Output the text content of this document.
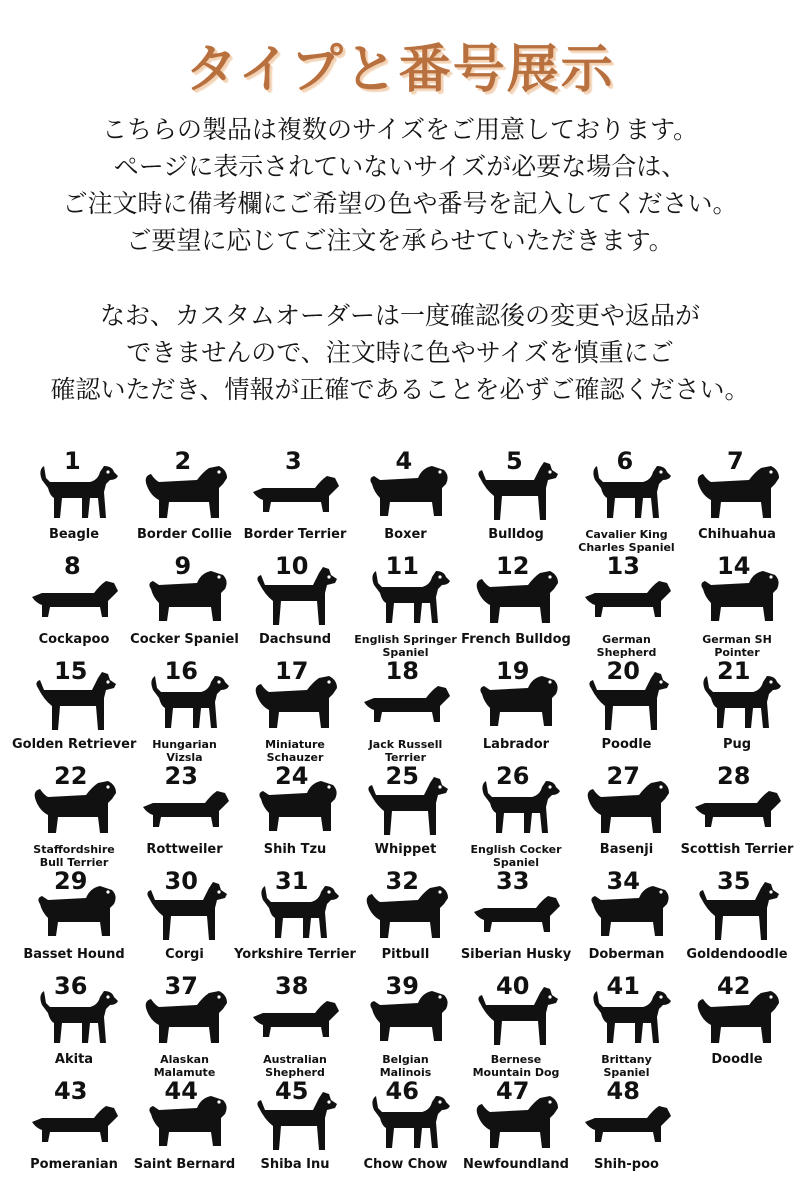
タイプと番号展示
こちらの製品は複数のサイズをご用意しております。
ページに表示されていないサイズが必要な場合は、
ご注文時に備考欄にご希望の色や番号を記入してください。
ご要望に応じてご注文を承らせていただきます。
なお、カスタムオーダーは一度確認後の変更や返品が
できませんので、注文時に色やサイズを慎重にご
確認いただき、情報が正確であることを必ずご確認ください。
1
Beagle
2
Border Collie
3
Border Terrier
4
Boxer
5
Bulldog
6
Cavalier King
Charles Spaniel
7
Chihuahua
8
Cockapoo
9
Cocker Spaniel
10
Dachsund
11
English Springer
Spaniel
12
French Bulldog
13
German
Shepherd
14
German SH
Pointer
15
Golden Retriever
16
Hungarian
Vizsla
17
Miniature
Schauzer
18
Jack Russell
Terrier
19
Labrador
20
Poodle
21
Pug
22
Staffordshire
Bull Terrier
23
Rottweiler
24
Shih Tzu
25
Whippet
26
English Cocker
Spaniel
27
Basenji
28
Scottish Terrier
29
Basset Hound
30
Corgi
31
Yorkshire Terrier
32
Pitbull
33
Siberian Husky
34
Doberman
35
Goldendoodle
36
Akita
37
Alaskan
Malamute
38
Australian
Shepherd
39
Belgian
Malinois
40
Bernese
Mountain Dog
41
Brittany
Spaniel
42
Doodle
43
Pomeranian
44
Saint Bernard
45
Shiba Inu
46
Chow Chow
47
Newfoundland
48
Shih-poo
